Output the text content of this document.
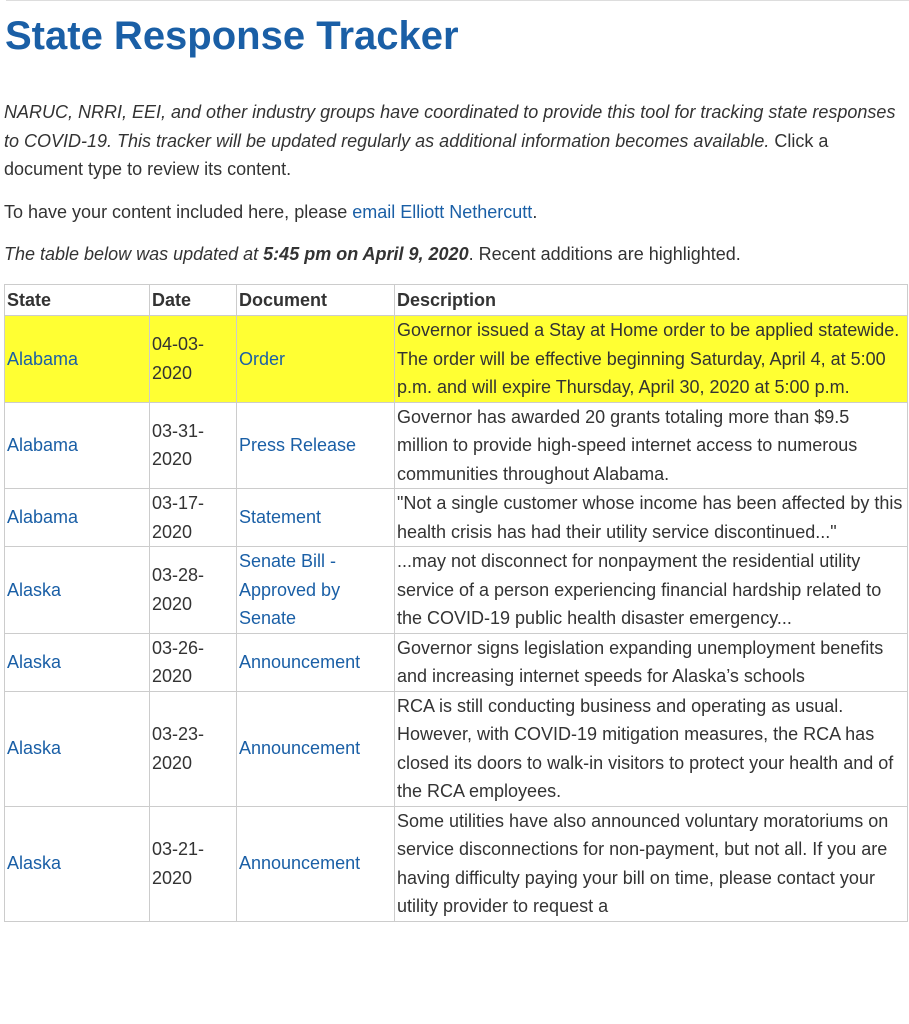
State Response Tracker

NARUC, NRRI, EEI, and other industry groups have coordinated to provide this tool for tracking state responses to COVID-19. This tracker will be updated regularly as additional information becomes available. Click a document type to review its content.

To have your content included here, please email Elliott Nethercutt.

The table below was updated at 5:45 pm on April 9, 2020. Recent additions are highlighted.

State	Date	Document	Description
Alabama	04-03-2020	Order	Governor issued a Stay at Home order to be applied statewide. The order will be effective beginning Saturday, April 4, at 5:00 p.m. and will expire Thursday, April 30, 2020 at 5:00 p.m.
Alabama	03-31-2020	Press Release	Governor has awarded 20 grants totaling more than $9.5 million to provide high-speed internet access to numerous communities throughout Alabama.
Alabama	03-17-2020	Statement	"Not a single customer whose income has been affected by this health crisis has had their utility service discontinued..."
Alaska	03-28-2020	Senate Bill - Approved by Senate	...may not disconnect for nonpayment the residential utility service of a person experiencing financial hardship related to the COVID-19 public health disaster emergency...
Alaska	03-26-2020	Announcement	Governor signs legislation expanding unemployment benefits and increasing internet speeds for Alaska’s schools
Alaska	03-23-2020	Announcement	RCA is still conducting business and operating as usual. However, with COVID-19 mitigation measures, the RCA has closed its doors to walk-in visitors to protect your health and of the RCA employees.
Alaska	03-21-2020	Announcement	Some utilities have also announced voluntary moratoriums on service disconnections for non-payment, but not all. If you are having difficulty paying your bill on time, please contact your utility provider to request a
